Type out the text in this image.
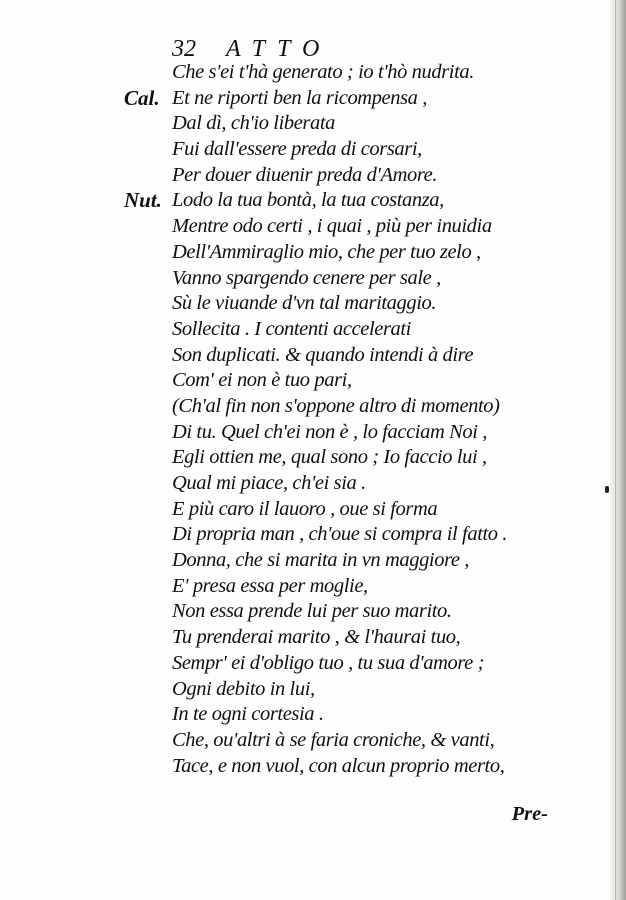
32 ATTO
Che s'ei t'hà generato ; io t'hò nudrita.
Cal. Et ne riporti ben la ricompensa ,
Dal dì, ch'io liberata
Fui dall'essere preda di corsari,
Per douer diuenir preda d'Amore.
Nut. Lodo la tua bontà, la tua costanza,
Mentre odo certi , i quai , più per inuidia
Dell'Ammiraglio mio, che per tuo zelo ,
Vanno spargendo cenere per sale ,
Sù le viuande d'vn tal maritaggio.
Sollecita . I contenti accelerati
Son duplicati. & quando intendi à dire
Com' ei non è tuo pari,
(Ch'al fin non s'oppone altro di momento)
Di tu. Quel ch'ei non è , lo facciam Noi ,
Egli ottien me, qual sono ; Io faccio lui ,
Qual mi piace, ch'ei sia .
E più caro il lauoro , oue si forma
Di propria man , ch'oue si compra il fatto .
Donna, che si marita in vn maggiore ,
E' presa essa per moglie,
Non essa prende lui per suo marito.
Tu prenderai marito , & l'haurai tuo,
Sempr' ei d'obligo tuo , tu sua d'amore ;
Ogni debito in lui,
In te ogni cortesia .
Che, ou'altri à se faria croniche, & vanti,
Tace, e non vuol, con alcun proprio merto,
Pre-
